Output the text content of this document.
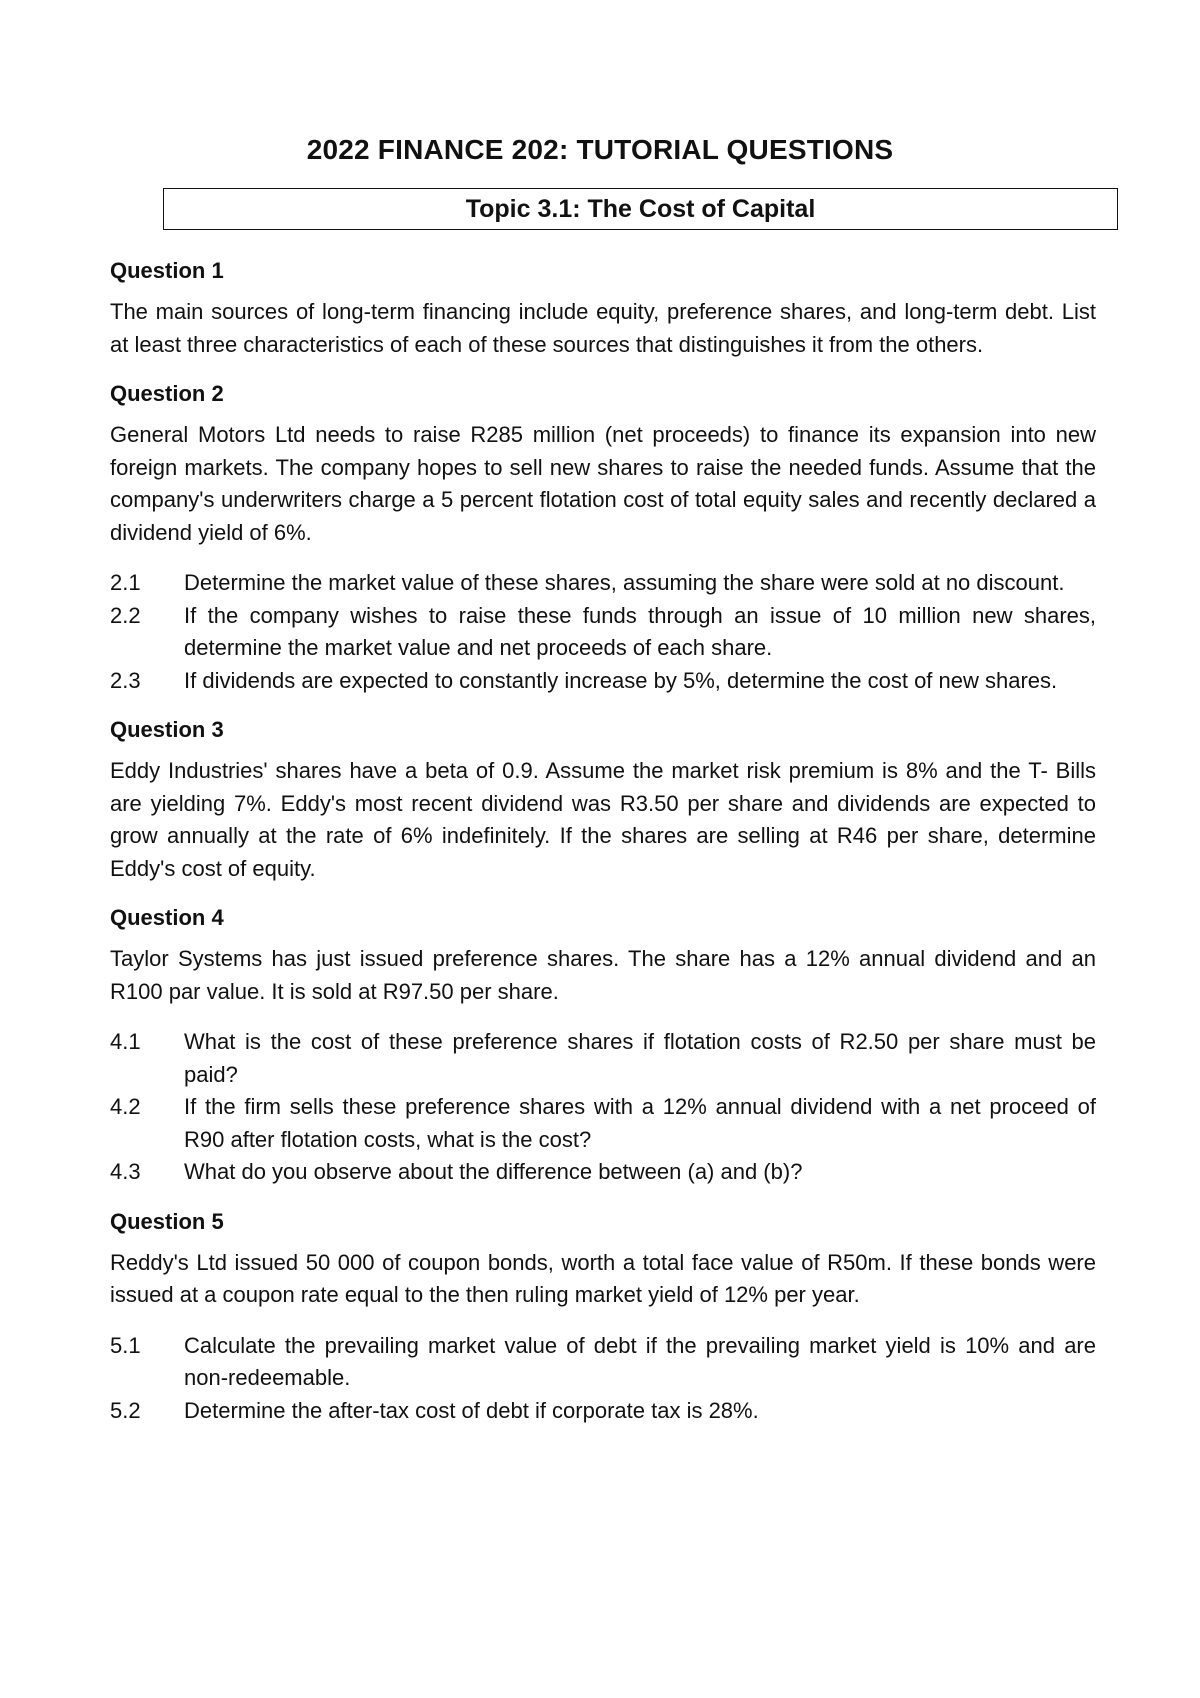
2022 FINANCE 202: TUTORIAL QUESTIONS
Topic 3.1: The Cost of Capital
Question 1
The main sources of long-term financing include equity, preference shares, and long-term debt. List at least three characteristics of each of these sources that distinguishes it from the others.
Question 2
General Motors Ltd needs to raise R285 million (net proceeds) to finance its expansion into new foreign markets. The company hopes to sell new shares to raise the needed funds. Assume that the company's underwriters charge a 5 percent flotation cost of total equity sales and recently declared a dividend yield of 6%.
2.1	Determine the market value of these shares, assuming the share were sold at no discount.
2.2	If the company wishes to raise these funds through an issue of 10 million new shares, determine the market value and net proceeds of each share.
2.3	If dividends are expected to constantly increase by 5%, determine the cost of new shares.
Question 3
Eddy Industries' shares have a beta of 0.9. Assume the market risk premium is 8% and the T- Bills are yielding 7%. Eddy's most recent dividend was R3.50 per share and dividends are expected to grow annually at the rate of 6% indefinitely. If the shares are selling at R46 per share, determine Eddy's cost of equity.
Question 4
Taylor Systems has just issued preference shares. The share has a 12% annual dividend and an R100 par value. It is sold at R97.50 per share.
4.1	What is the cost of these preference shares if flotation costs of R2.50 per share must be paid?
4.2	If the firm sells these preference shares with a 12% annual dividend with a net proceed of R90 after flotation costs, what is the cost?
4.3	What do you observe about the difference between (a) and (b)?
Question 5
Reddy's Ltd issued 50 000 of coupon bonds, worth a total face value of R50m. If these bonds were issued at a coupon rate equal to the then ruling market yield of 12% per year.
5.1	Calculate the prevailing market value of debt if the prevailing market yield is 10% and are non-redeemable.
5.2	Determine the after-tax cost of debt if corporate tax is 28%.
